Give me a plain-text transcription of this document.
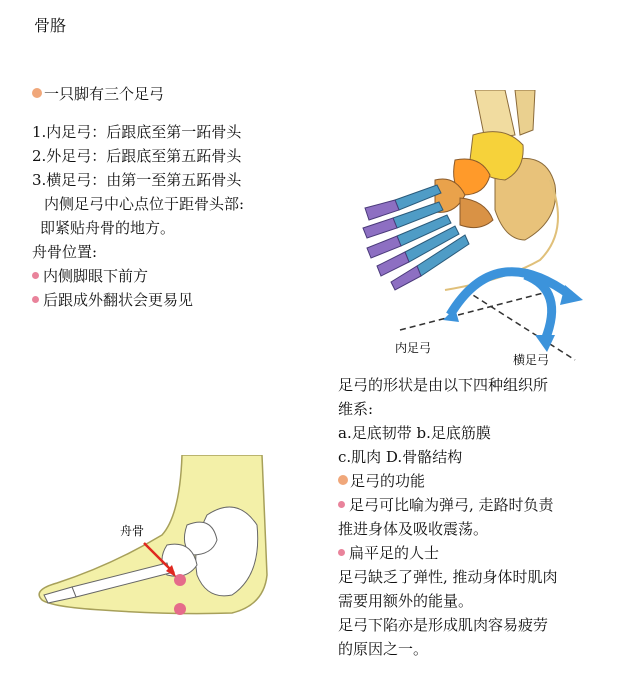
骨胳
一只脚有三个足弓
1.内足弓：后跟底至第一跖骨头
2.外足弓：后跟底至第五跖骨头
3.横足弓：由第一至第五跖骨头
内侧足弓中心点位于距骨头部:
即紧贴舟骨的地方。
舟骨位置:
内侧脚眼下前方
后跟成外翻状会更易见
内足弓
横足弓
舟骨
足弓的形状是由以下四种组织所
维系:
a.足底韧带 b.足底筋膜
c.肌肉 D.骨骼结构
足弓的功能
足弓可比喻为弹弓, 走路时负责
推进身体及吸收震荡。
扁平足的人士
足弓缺乏了弹性, 推动身体时肌肉
需要用额外的能量。
足弓下陷亦是形成肌肉容易疲劳
的原因之一。
